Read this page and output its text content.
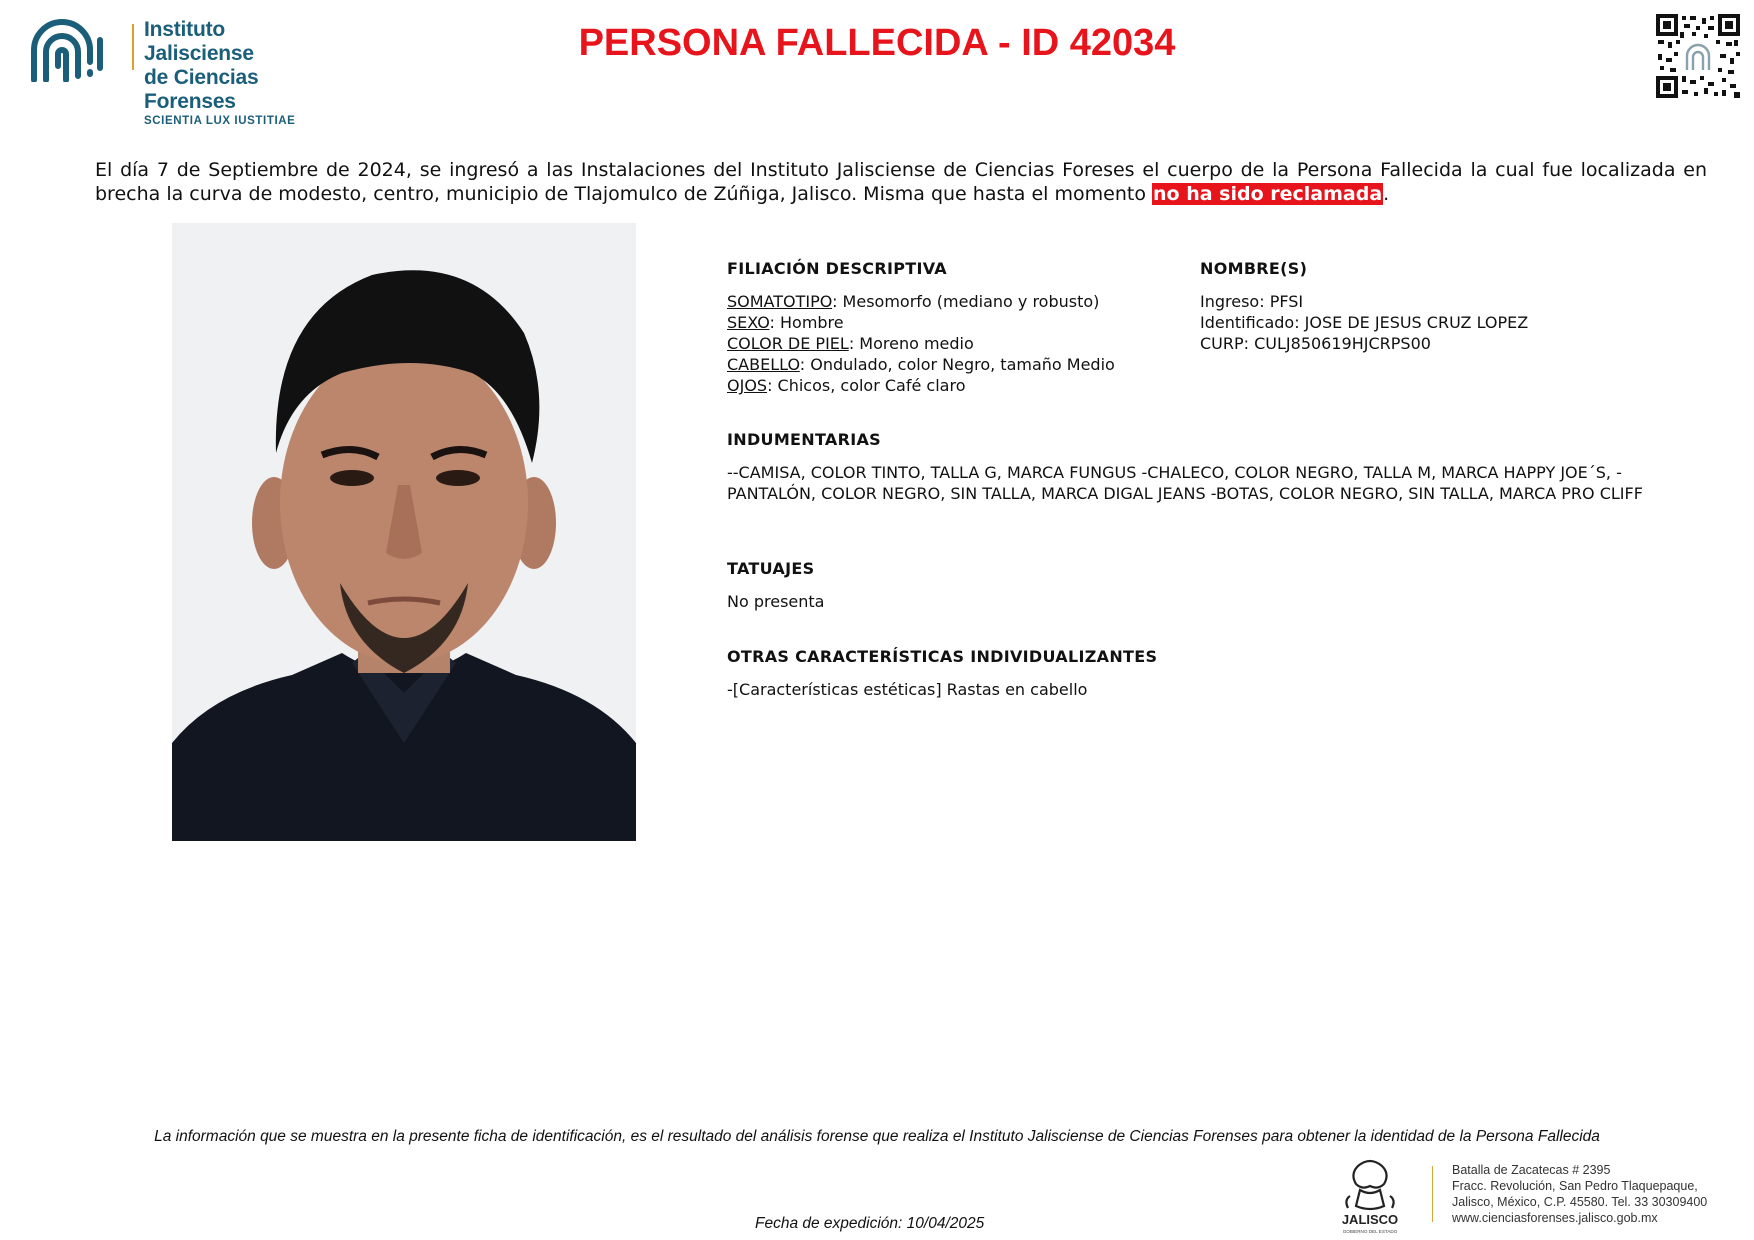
Instituto Jalisciense
de Ciencias Forenses
SCIENTIA LUX IUSTITIAE
PERSONA FALLECIDA - ID 42034
El día 7 de Septiembre de 2024, se ingresó a las Instalaciones del Instituto Jalisciense de Ciencias Foreses el cuerpo de la Persona Fallecida la cual fue localizada en brecha la curva de modesto, centro, municipio de Tlajomulco de Zúñiga, Jalisco. Misma que hasta el momento no ha sido reclamada.
FILIACIÓN DESCRIPTIVA
SOMATOTIPO: Mesomorfo (mediano y robusto)
SEXO: Hombre
COLOR DE PIEL: Moreno medio
CABELLO: Ondulado, color Negro, tamaño Medio
OJOS: Chicos, color Café claro
NOMBRE(S)
Ingreso: PFSI
Identificado: JOSE DE JESUS CRUZ LOPEZ
CURP: CULJ850619HJCRPS00
INDUMENTARIAS
--CAMISA, COLOR TINTO, TALLA G, MARCA FUNGUS -CHALECO, COLOR NEGRO, TALLA M, MARCA HAPPY JOE´S, -PANTALÓN, COLOR NEGRO, SIN TALLA, MARCA DIGAL JEANS -BOTAS, COLOR NEGRO, SIN TALLA, MARCA PRO CLIFF
TATUAJES
No presenta
OTRAS CARACTERÍSTICAS INDIVIDUALIZANTES
-[Características estéticas] Rastas en cabello
La información que se muestra en la presente ficha de identificación, es el resultado del análisis forense que realiza el Instituto Jalisciense de Ciencias Forenses para obtener la identidad de la Persona Fallecida
Fecha de expedición: 10/04/2025	JALISCO
GOBIERNO DEL ESTADO
Batalla de Zacatecas # 2395
Fracc. Revolución, San Pedro Tlaquepaque,
Jalisco, México, C.P. 45580. Tel. 33 30309400
www.cienciasforenses.jalisco.gob.mx
